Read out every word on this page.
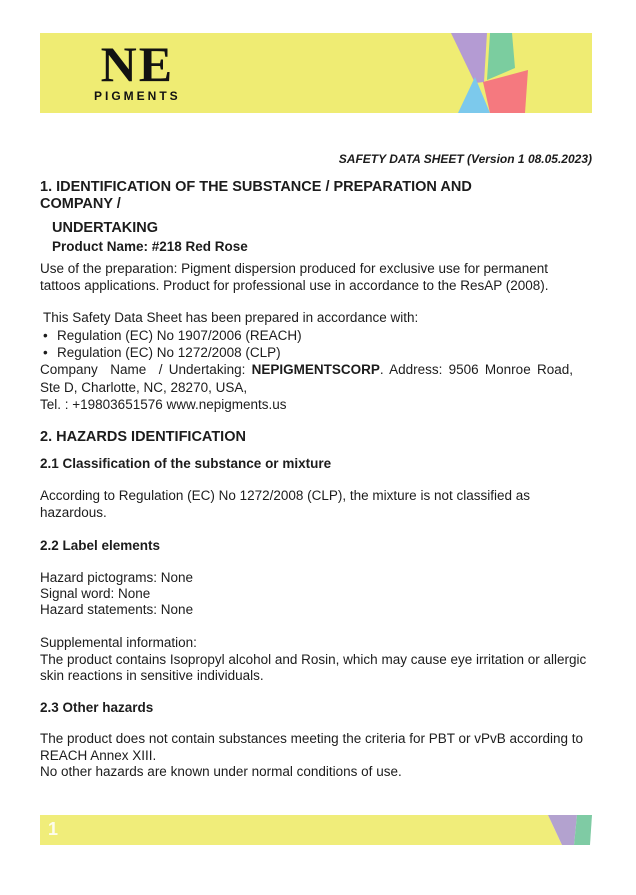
NE
PIGMENTS
SAFETY DATA SHEET (Version 1 08.05.2023)
1. IDENTIFICATION OF THE SUBSTANCE / PREPARATION AND
COMPANY /
UNDERTAKING
Product Name: #218 Red Rose
Use of the preparation: Pigment dispersion produced for exclusive use for permanent tattoos applications. Product for professional use in accordance to the ResAP (2008).
This Safety Data Sheet has been prepared in accordance with:
• Regulation (EC) No 1907/2006 (REACH)
• Regulation (EC) No 1272/2008 (CLP)
Company  Name  / Undertaking: NEPIGMENTSCORP. Address: 9506 Monroe Road,
Ste D, Charlotte, NC, 28270, USA,
Tel. : +19803651576 www.nepigments.us
2. HAZARDS IDENTIFICATION
2.1 Classification of the substance or mixture
According to Regulation (EC) No 1272/2008 (CLP), the mixture is not classified as hazardous.
2.2 Label elements
Hazard pictograms: None
Signal word: None
Hazard statements: None
Supplemental information:
The product contains Isopropyl alcohol and Rosin, which may cause eye irritation or allergic skin reactions in sensitive individuals.
2.3 Other hazards
The product does not contain substances meeting the criteria for PBT or vPvB according to REACH Annex XIII.
No other hazards are known under normal conditions of use.
1
